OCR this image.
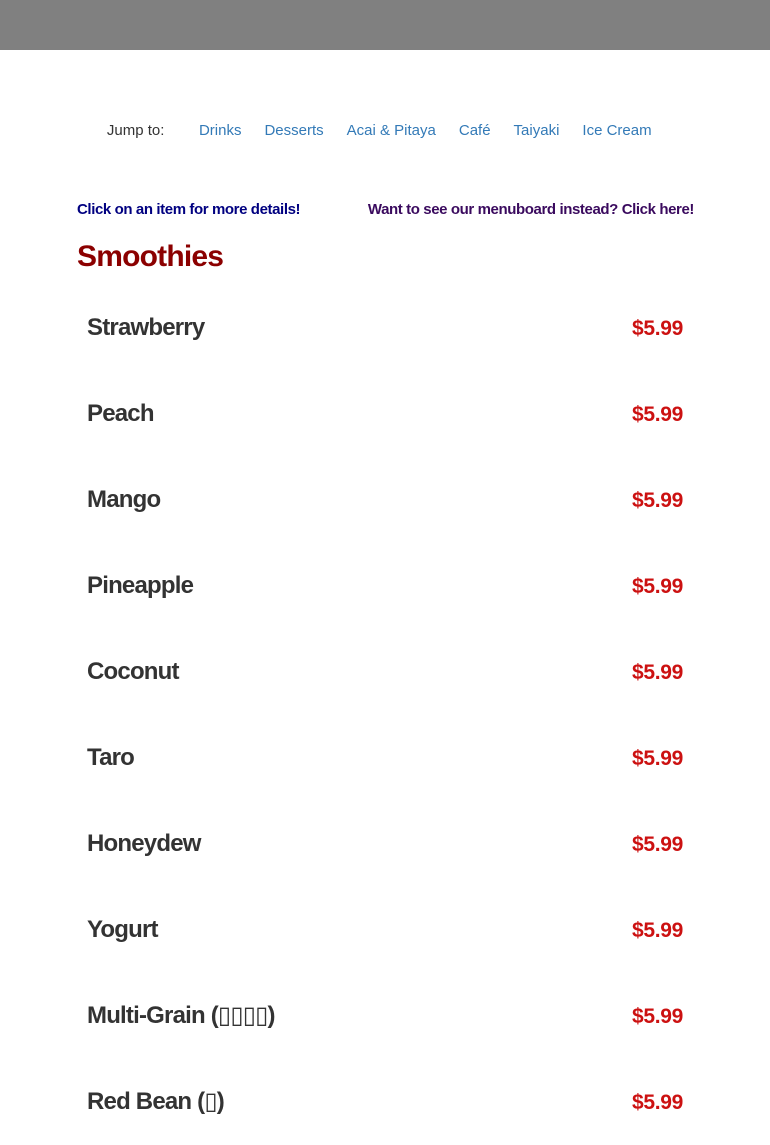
Jump to: Drinks Desserts Acai & Pitaya Café Taiyaki Ice Cream
Click on an item for more details!	Want to see our menuboard instead? Click here!
Smoothies
Strawberry	$5.99
Peach	$5.99
Mango	$5.99
Pineapple	$5.99
Coconut	$5.99
Taro	$5.99
Honeydew	$5.99
Yogurt	$5.99
Multi-Grain (▯▯▯▯)	$5.99
Red Bean (▯)	$5.99
